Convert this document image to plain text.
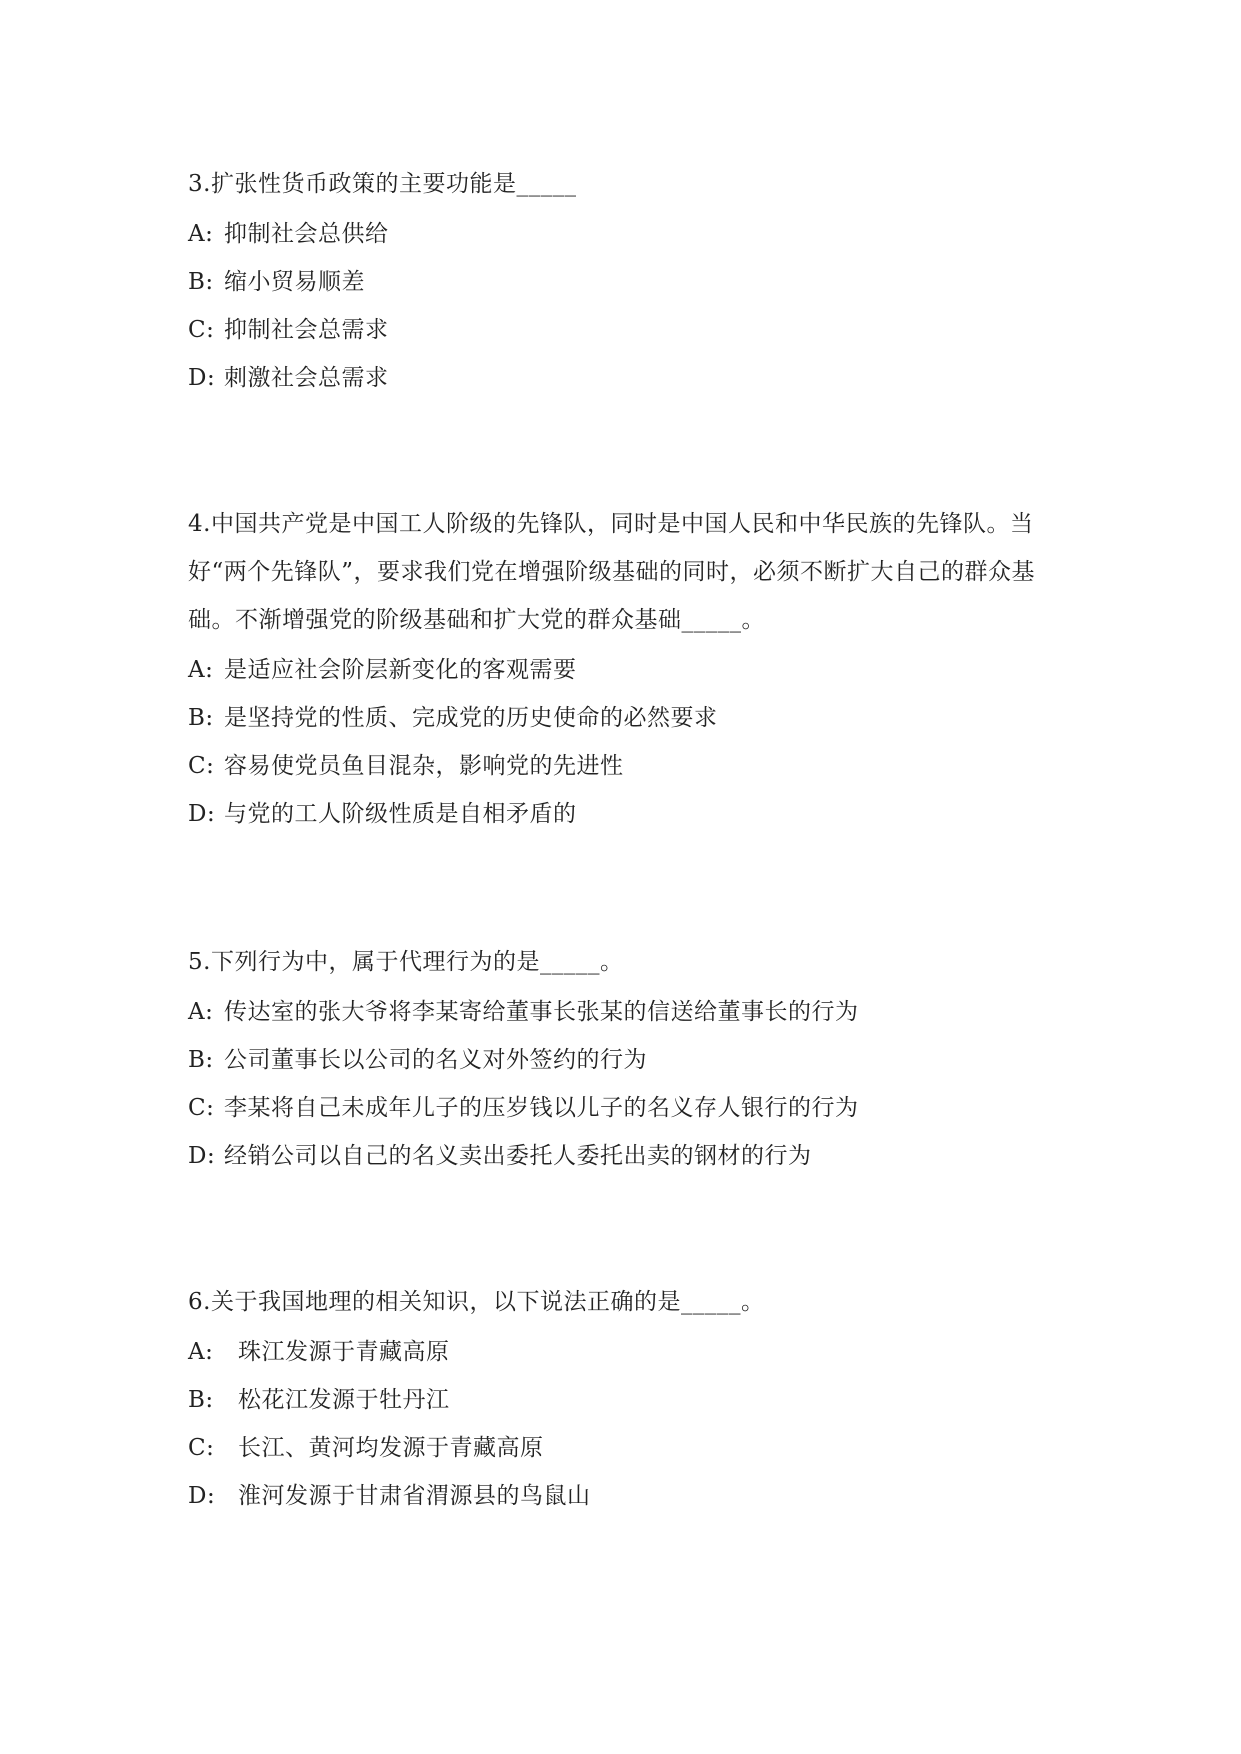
3.扩张性货币政策的主要功能是_____

A: 抑制社会总供给

B: 缩小贸易顺差

C: 抑制社会总需求

D: 刺激社会总需求

4.中国共产党是中国工人阶级的先锋队，同时是中国人民和中华民族的先锋队。当好“两个先锋队”，要求我们党在增强阶级基础的同时，必须不断扩大自己的群众基础。不渐增强党的阶级基础和扩大党的群众基础_____。

A: 是适应社会阶层新变化的客观需要

B: 是坚持党的性质、完成党的历史使命的必然要求

C: 容易使党员鱼目混杂，影响党的先进性

D: 与党的工人阶级性质是自相矛盾的

5.下列行为中，属于代理行为的是_____。

A: 传达室的张大爷将李某寄给董事长张某的信送给董事长的行为

B: 公司董事长以公司的名义对外签约的行为

C: 李某将自己未成年儿子的压岁钱以儿子的名义存人银行的行为

D: 经销公司以自己的名义卖出委托人委托出卖的钢材的行为

6.关于我国地理的相关知识，以下说法正确的是_____。

A: 珠江发源于青藏高原

B: 松花江发源于牡丹江

C: 长江、黄河均发源于青藏高原

D: 淮河发源于甘肃省渭源县的鸟鼠山
